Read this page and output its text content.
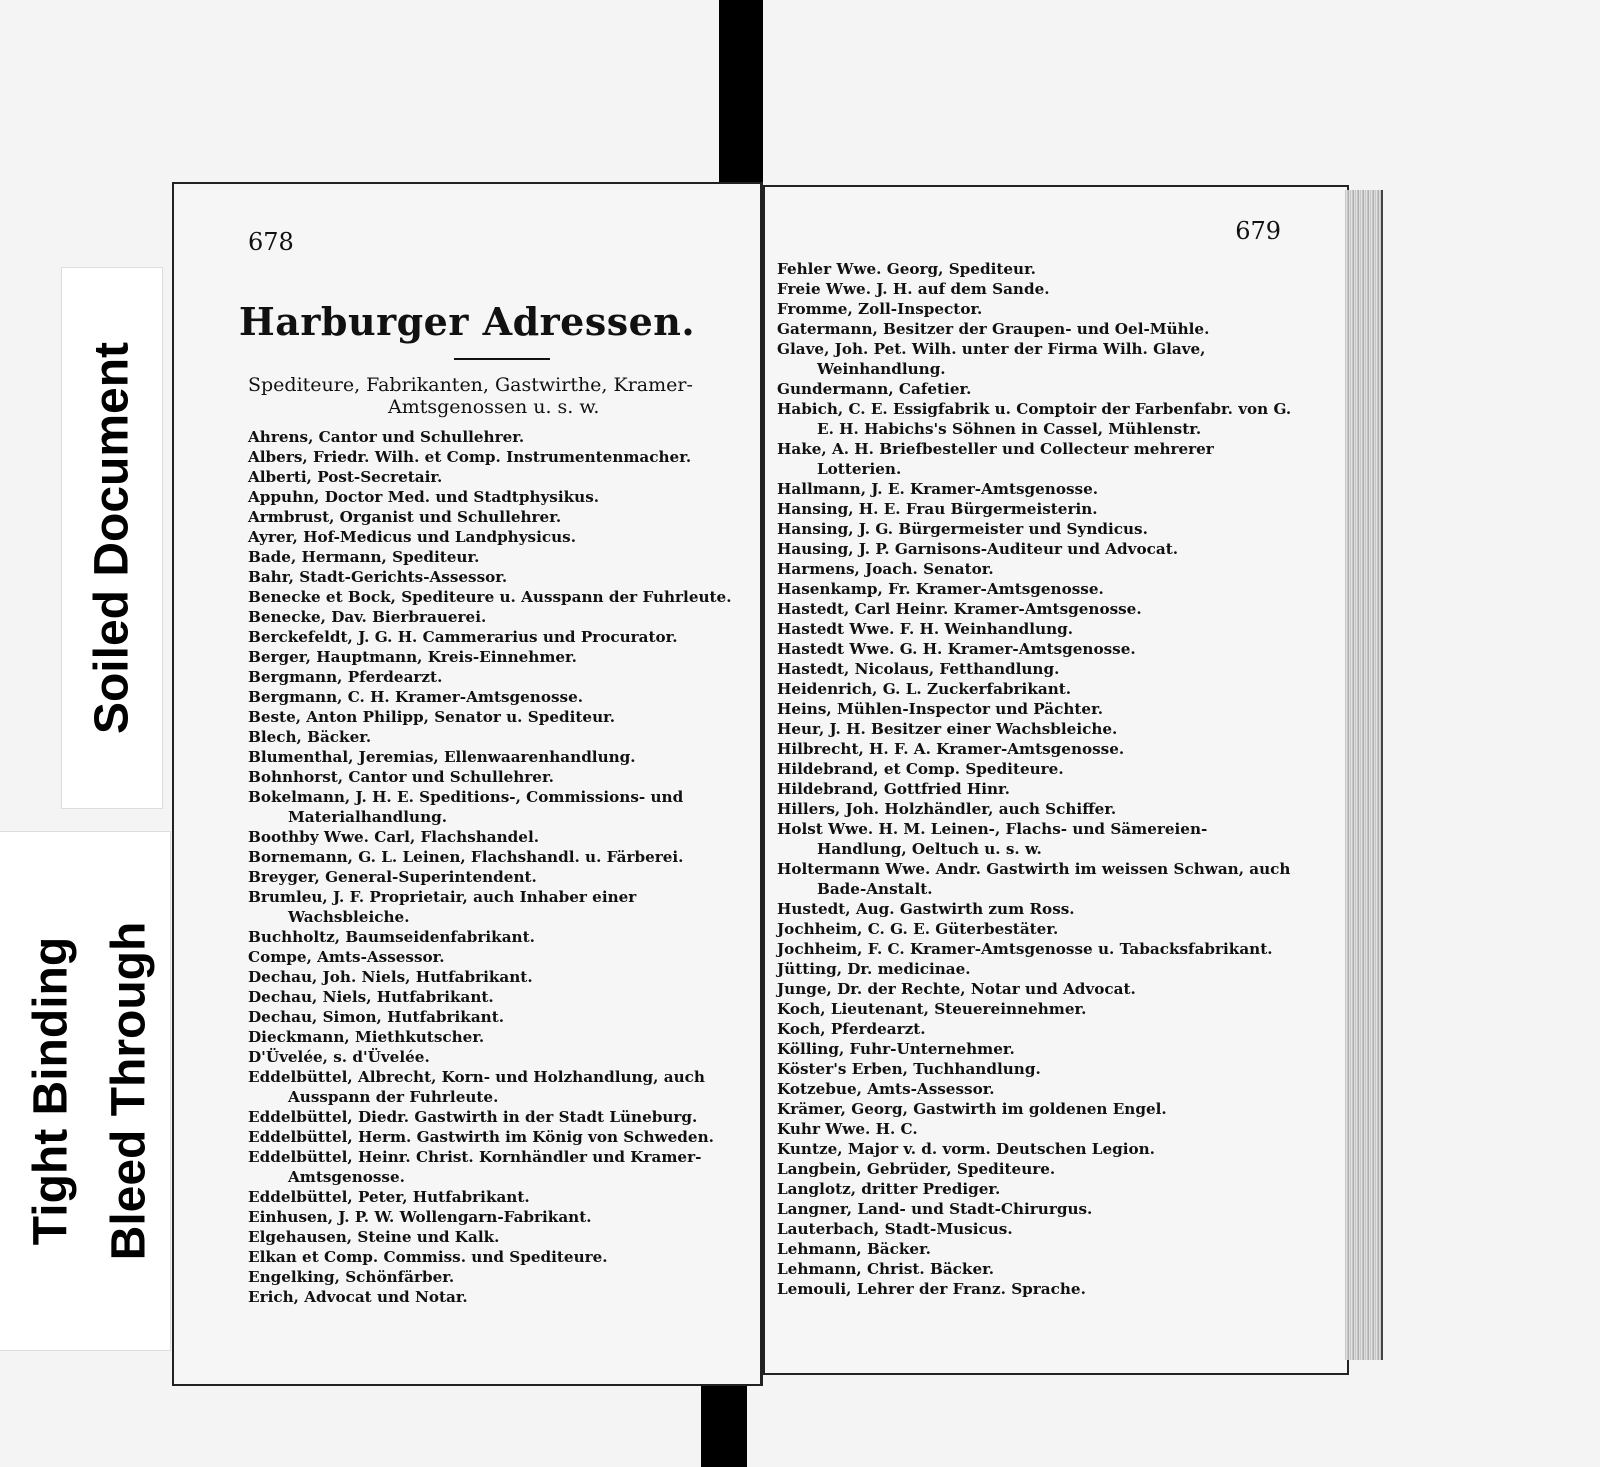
Soiled Document
Tight Binding Bleed Through
678
Harburger Adressen.
Spediteure, Fabrikanten, Gastwirthe, Kramer-
Amtsgenossen u. s. w.
Ahrens, Cantor und Schullehrer.
Albers, Friedr. Wilh. et Comp. Instrumentenmacher.
Alberti, Post-Secretair.
Appuhn, Doctor Med. und Stadtphysikus.
Armbrust, Organist und Schullehrer.
Ayrer, Hof-Medicus und Landphysicus.
Bade, Hermann, Spediteur.
Bahr, Stadt-Gerichts-Assessor.
Benecke et Bock, Spediteure u. Ausspann der Fuhrleute.
Benecke, Dav. Bierbrauerei.
Berckefeldt, J. G. H. Cammerarius und Procurator.
Berger, Hauptmann, Kreis-Einnehmer.
Bergmann, Pferdearzt.
Bergmann, C. H. Kramer-Amtsgenosse.
Beste, Anton Philipp, Senator u. Spediteur.
Blech, Bäcker.
Blumenthal, Jeremias, Ellenwaarenhandlung.
Bohnhorst, Cantor und Schullehrer.
Bokelmann, J. H. E. Speditions-, Commissions- und Materialhandlung.
Boothby Wwe. Carl, Flachshandel.
Bornemann, G. L. Leinen, Flachshandl. u. Färberei.
Breyger, General-Superintendent.
Brumleu, J. F. Proprietair, auch Inhaber einer Wachsbleiche.
Buchholtz, Baumseidenfabrikant.
Compe, Amts-Assessor.
Dechau, Joh. Niels, Hutfabrikant.
Dechau, Niels, Hutfabrikant.
Dechau, Simon, Hutfabrikant.
Dieckmann, Miethkutscher.
D'Üvelée, s. d'Üvelée.
Eddelbüttel, Albrecht, Korn- und Holzhandlung, auch Ausspann der Fuhrleute.
Eddelbüttel, Diedr. Gastwirth in der Stadt Lüneburg.
Eddelbüttel, Herm. Gastwirth im König von Schweden.
Eddelbüttel, Heinr. Christ. Kornhändler und Kramer-Amtsgenosse.
Eddelbüttel, Peter, Hutfabrikant.
Einhusen, J. P. W. Wollengarn-Fabrikant.
Elgehausen, Steine und Kalk.
Elkan et Comp. Commiss. und Spediteure.
Engelking, Schönfärber.
Erich, Advocat und Notar.
679
Fehler Wwe. Georg, Spediteur.
Freie Wwe. J. H. auf dem Sande.
Fromme, Zoll-Inspector.
Gatermann, Besitzer der Graupen- und Oel-Mühle.
Glave, Joh. Pet. Wilh. unter der Firma Wilh. Glave, Weinhandlung.
Gundermann, Cafetier.
Habich, C. E. Essigfabrik u. Comptoir der Farbenfabr. von G. E. H. Habichs's Söhnen in Cassel, Mühlenstr.
Hake, A. H. Briefbesteller und Collecteur mehrerer Lotterien.
Hallmann, J. E. Kramer-Amtsgenosse.
Hansing, H. E. Frau Bürgermeisterin.
Hansing, J. G. Bürgermeister und Syndicus.
Hausing, J. P. Garnisons-Auditeur und Advocat.
Harmens, Joach. Senator.
Hasenkamp, Fr. Kramer-Amtsgenosse.
Hastedt, Carl Heinr. Kramer-Amtsgenosse.
Hastedt Wwe. F. H. Weinhandlung.
Hastedt Wwe. G. H. Kramer-Amtsgenosse.
Hastedt, Nicolaus, Fetthandlung.
Heidenrich, G. L. Zuckerfabrikant.
Heins, Mühlen-Inspector und Pächter.
Heur, J. H. Besitzer einer Wachsbleiche.
Hilbrecht, H. F. A. Kramer-Amtsgenosse.
Hildebrand, et Comp. Spediteure.
Hildebrand, Gottfried Hinr.
Hillers, Joh. Holzhändler, auch Schiffer.
Holst Wwe. H. M. Leinen-, Flachs- und Sämereien-Handlung, Oeltuch u. s. w.
Holtermann Wwe. Andr. Gastwirth im weissen Schwan, auch Bade-Anstalt.
Hustedt, Aug. Gastwirth zum Ross.
Jochheim, C. G. E. Güterbestäter.
Jochheim, F. C. Kramer-Amtsgenosse u. Tabacksfabrikant.
Jütting, Dr. medicinae.
Junge, Dr. der Rechte, Notar und Advocat.
Koch, Lieutenant, Steuereinnehmer.
Koch, Pferdearzt.
Kölling, Fuhr-Unternehmer.
Köster's Erben, Tuchhandlung.
Kotzebue, Amts-Assessor.
Krämer, Georg, Gastwirth im goldenen Engel.
Kuhr Wwe. H. C.
Kuntze, Major v. d. vorm. Deutschen Legion.
Langbein, Gebrüder, Spediteure.
Langlotz, dritter Prediger.
Langner, Land- und Stadt-Chirurgus.
Lauterbach, Stadt-Musicus.
Lehmann, Bäcker.
Lehmann, Christ. Bäcker.
Lemouli, Lehrer der Franz. Sprache.
